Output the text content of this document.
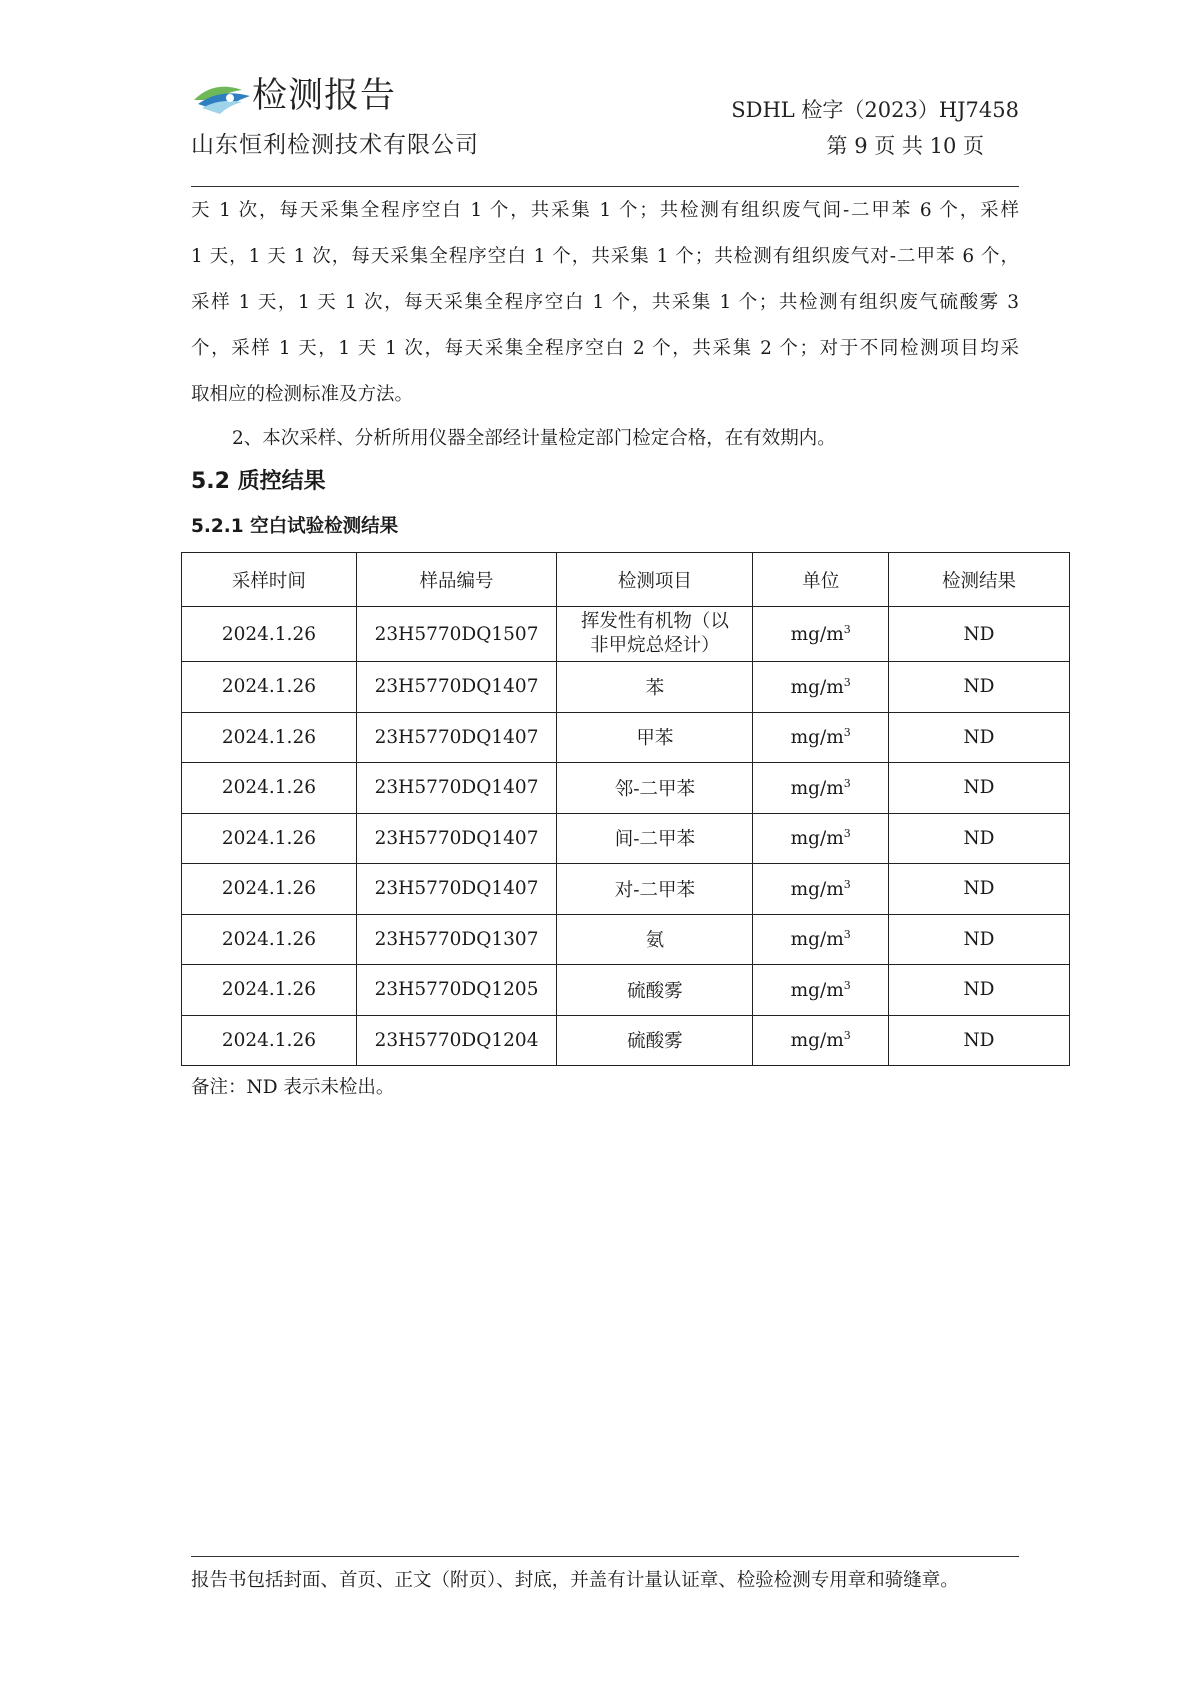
检测报告
山东恒利检测技术有限公司
SDHL 检字（2023）HJ7458
第 9 页 共 10 页
天 1 次，每天采集全程序空白 1 个，共采集 1 个；共检测有组织废气间-二甲苯 6 个，采样
1 天，1 天 1 次，每天采集全程序空白 1 个，共采集 1 个；共检测有组织废气对-二甲苯 6 个，
采样 1 天，1 天 1 次，每天采集全程序空白 1 个，共采集 1 个；共检测有组织废气硫酸雾 3
个，采样 1 天，1 天 1 次，每天采集全程序空白 2 个，共采集 2 个；对于不同检测项目均采
取相应的检测标准及方法。
2、本次采样、分析所用仪器全部经计量检定部门检定合格，在有效期内。
5.2 质控结果
5.2.1 空白试验检测结果
采样时间	样品编号	检测项目	单位	检测结果
2024.1.26	23H5770DQ1507	挥发性有机物（以非甲烷总烃计）	$mg/m^3$	ND
2024.1.26	23H5770DQ1407	苯	$mg/m^3$	ND
2024.1.26	23H5770DQ1407	甲苯	$mg/m^3$	ND
2024.1.26	23H5770DQ1407	邻-二甲苯	$mg/m^3$	ND
2024.1.26	23H5770DQ1407	间-二甲苯	$mg/m^3$	ND
2024.1.26	23H5770DQ1407	对-二甲苯	$mg/m^3$	ND
2024.1.26	23H5770DQ1307	氨	$mg/m^3$	ND
2024.1.26	23H5770DQ1205	硫酸雾	$mg/m^3$	ND
2024.1.26	23H5770DQ1204	硫酸雾	$mg/m^3$	ND
备注：ND 表示未检出。
报告书包括封面、首页、正文（附页）、封底，并盖有计量认证章、检验检测专用章和骑缝章。
